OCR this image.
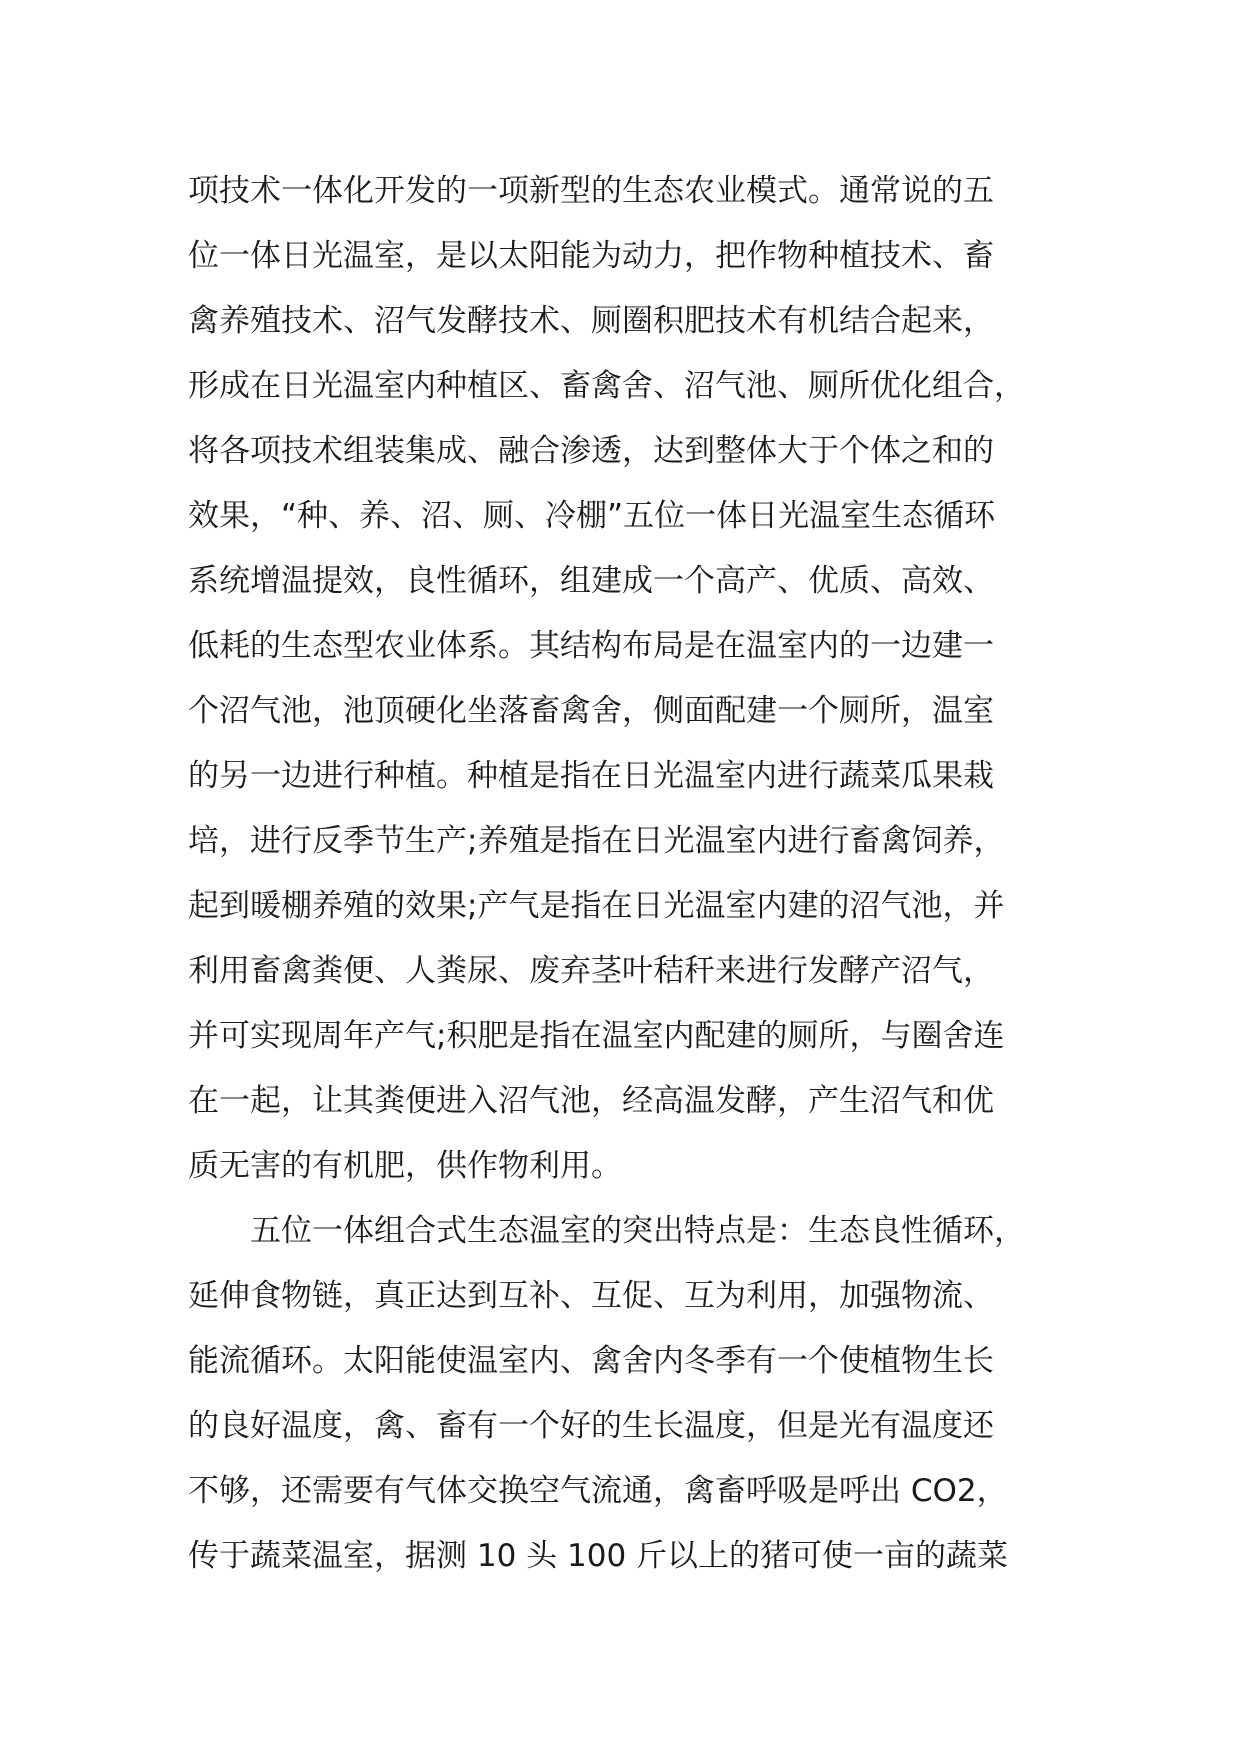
项技术一体化开发的一项新型的生态农业模式。通常说的五
位一体日光温室，是以太阳能为动力，把作物种植技术、畜
禽养殖技术、沼气发酵技术、厕圈积肥技术有机结合起来，
形成在日光温室内种植区、畜禽舍、沼气池、厕所优化组合，
将各项技术组装集成、融合渗透，达到整体大于个体之和的
效果，“种、养、沼、厕、冷棚”五位一体日光温室生态循环
系统增温提效，良性循环，组建成一个高产、优质、高效、
低耗的生态型农业体系。其结构布局是在温室内的一边建一
个沼气池，池顶硬化坐落畜禽舍，侧面配建一个厕所，温室
的另一边进行种植。种植是指在日光温室内进行蔬菜瓜果栽
培，进行反季节生产;养殖是指在日光温室内进行畜禽饲养，
起到暖棚养殖的效果;产气是指在日光温室内建的沼气池，并
利用畜禽粪便、人粪尿、废弃茎叶秸秆来进行发酵产沼气，
并可实现周年产气;积肥是指在温室内配建的厕所，与圈舍连
在一起，让其粪便进入沼气池，经高温发酵，产生沼气和优
质无害的有机肥，供作物利用。
五位一体组合式生态温室的突出特点是：生态良性循环，
延伸食物链，真正达到互补、互促、互为利用，加强物流、
能流循环。太阳能使温室内、禽舍内冬季有一个使植物生长
的良好温度，禽、畜有一个好的生长温度，但是光有温度还
不够，还需要有气体交换空气流通，禽畜呼吸是呼出 CO2，
传于蔬菜温室，据测 10 头 100 斤以上的猪可使一亩的蔬菜
